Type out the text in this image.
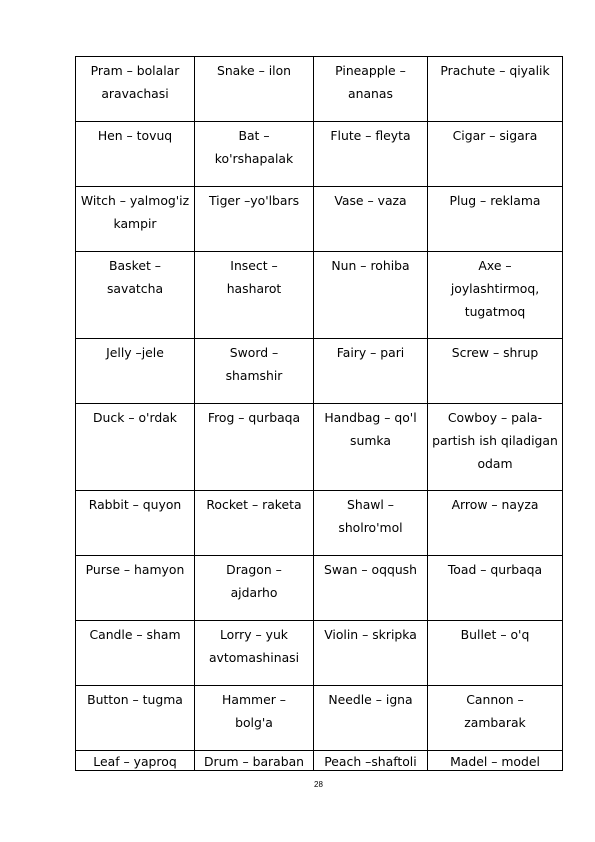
Pram – bolalar aravachasi	Snake – ilon	Pineapple – ananas	Prachute – qiyalik
Hen – tovuq	Bat – ko'rshapalak	Flute – fleyta	Cigar – sigara
Witch – yalmog'iz kampir	Tiger –yo'lbars	Vase – vaza	Plug – reklama
Basket – savatcha	Insect – hasharot	Nun – rohiba	Axe – joylashtirmoq, tugatmoq
Jelly –jele	Sword – shamshir	Fairy – pari	Screw – shrup
Duck – o'rdak	Frog – qurbaqa	Handbag – qo'l sumka	Cowboy – pala-partish ish qiladigan odam
Rabbit – quyon	Rocket – raketa	Shawl – sholro'mol	Arrow – nayza
Purse – hamyon	Dragon – ajdarho	Swan – oqqush	Toad – qurbaqa
Candle – sham	Lorry – yuk avtomashinasi	Violin – skripka	Bullet – o'q
Button – tugma	Hammer – bolg'a	Needle – igna	Cannon – zambarak
Leaf – yaproq	Drum – baraban	Peach –shaftoli	Madel – model
28
